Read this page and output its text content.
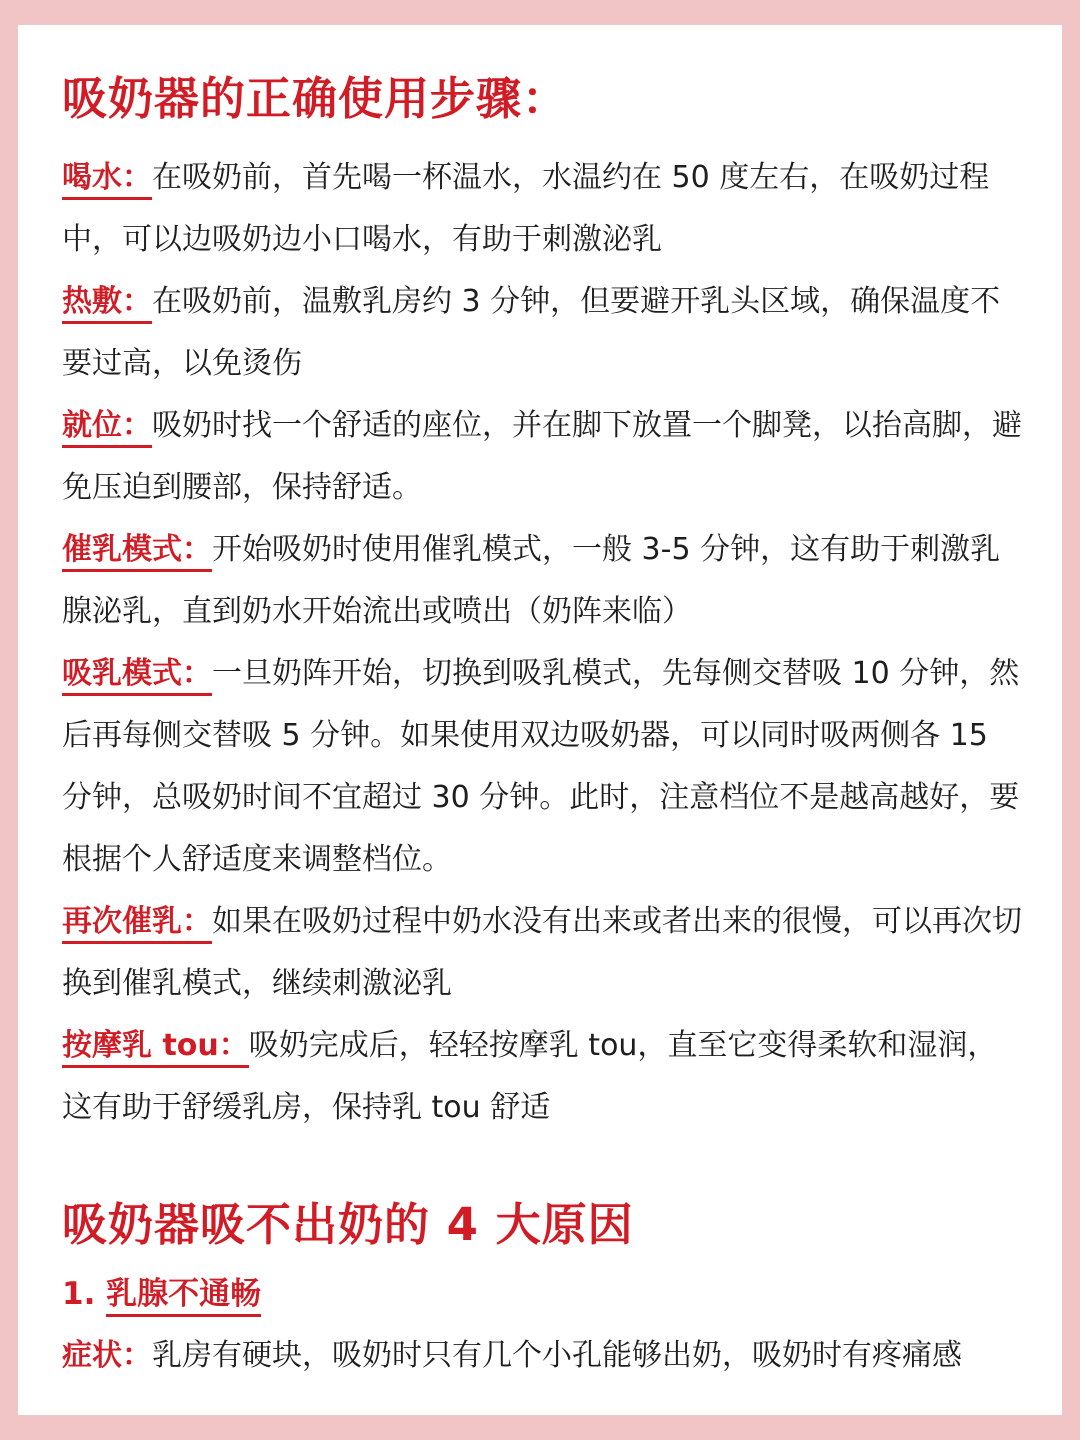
吸奶器的正确使用步骤：

喝水：在吸奶前，首先喝一杯温水，水温约在 50 度左右，在吸奶过程中，可以边吸奶边小口喝水，有助于刺激泌乳

热敷：在吸奶前，温敷乳房约 3 分钟，但要避开乳头区域，确保温度不要过高，以免烫伤

就位：吸奶时找一个舒适的座位，并在脚下放置一个脚凳，以抬高脚，避免压迫到腰部，保持舒适。

催乳模式：开始吸奶时使用催乳模式，一般 3-5 分钟，这有助于刺激乳腺泌乳，直到奶水开始流出或喷出（奶阵来临）

吸乳模式：一旦奶阵开始，切换到吸乳模式，先每侧交替吸 10 分钟，然后再每侧交替吸 5 分钟。如果使用双边吸奶器，可以同时吸两侧各 15 分钟，总吸奶时间不宜超过 30 分钟。此时，注意档位不是越高越好，要根据个人舒适度来调整档位。

再次催乳：如果在吸奶过程中奶水没有出来或者出来的很慢，可以再次切换到催乳模式，继续刺激泌乳

按摩乳 tou：吸奶完成后，轻轻按摩乳 tou，直至它变得柔软和湿润，这有助于舒缓乳房，保持乳 tou 舒适

吸奶器吸不出奶的 4 大原因

1. 乳腺不通畅

症状：乳房有硬块，吸奶时只有几个小孔能够出奶，吸奶时有疼痛感
